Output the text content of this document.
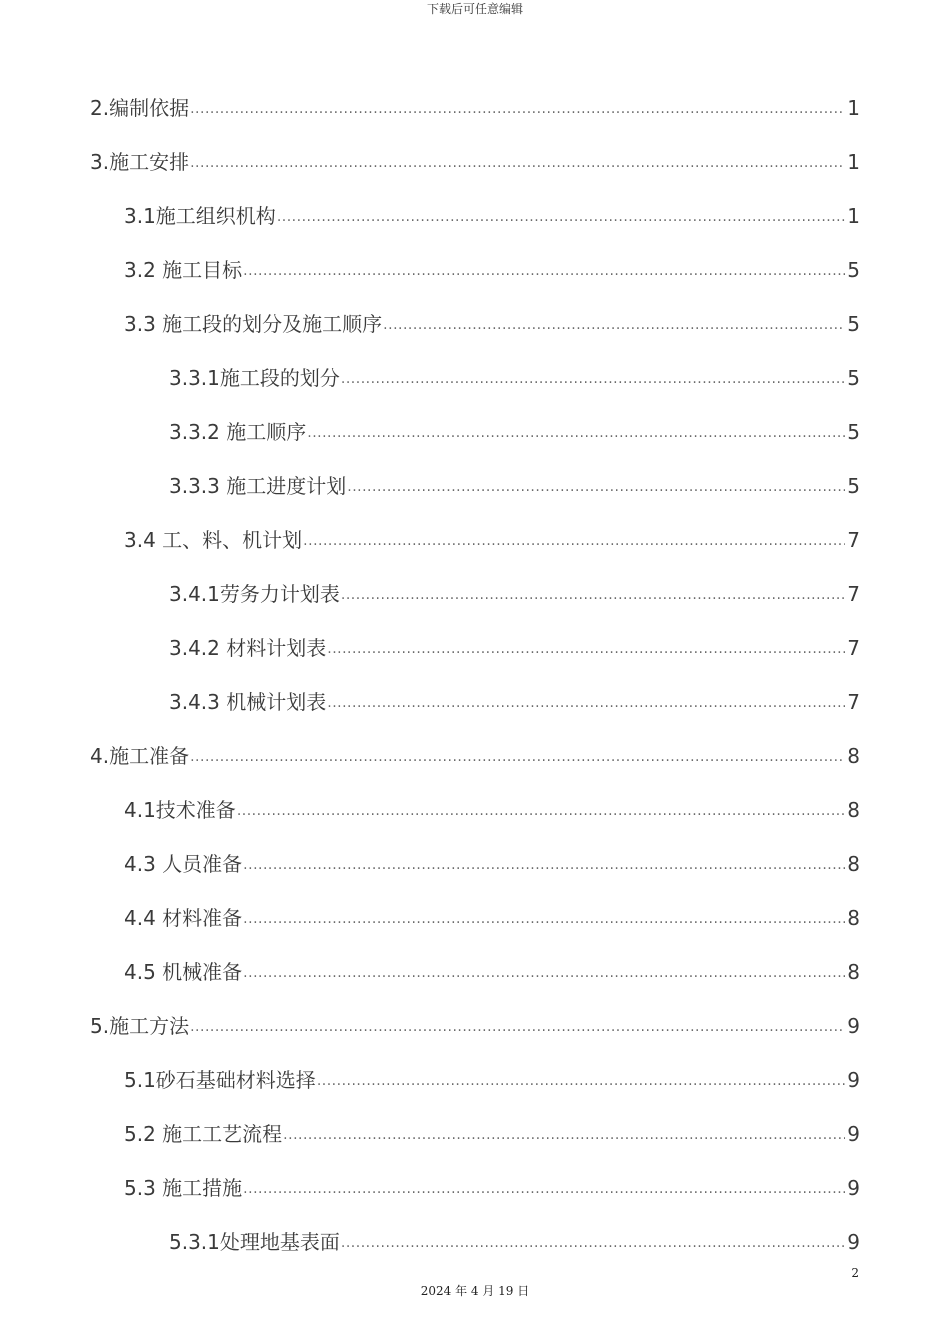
下载后可任意编辑
2.编制依据 .....	1
3.施工安排 .....	1
3.1施工组织机构 .....	1
3.2 施工目标 .....	5
3.3 施工段的划分及施工顺序 .....	5
3.3.1施工段的划分 .....	5
3.3.2 施工顺序 .....	5
3.3.3 施工进度计划 .....	5
3.4 工、料、机计划 .....	7
3.4.1劳务力计划表 .....	7
3.4.2 材料计划表 .....	7
3.4.3 机械计划表 .....	7
4.施工准备 .....	8
4.1技术准备 .....	8
4.3 人员准备 .....	8
4.4 材料准备 .....	8
4.5 机械准备 .....	8
5.施工方法 .....	9
5.1砂石基础材料选择 .....	9
5.2 施工工艺流程 .....	9
5.3 施工措施 .....	9
5.3.1处理地基表面 .....	9
2
2024 年 4 月 19 日
